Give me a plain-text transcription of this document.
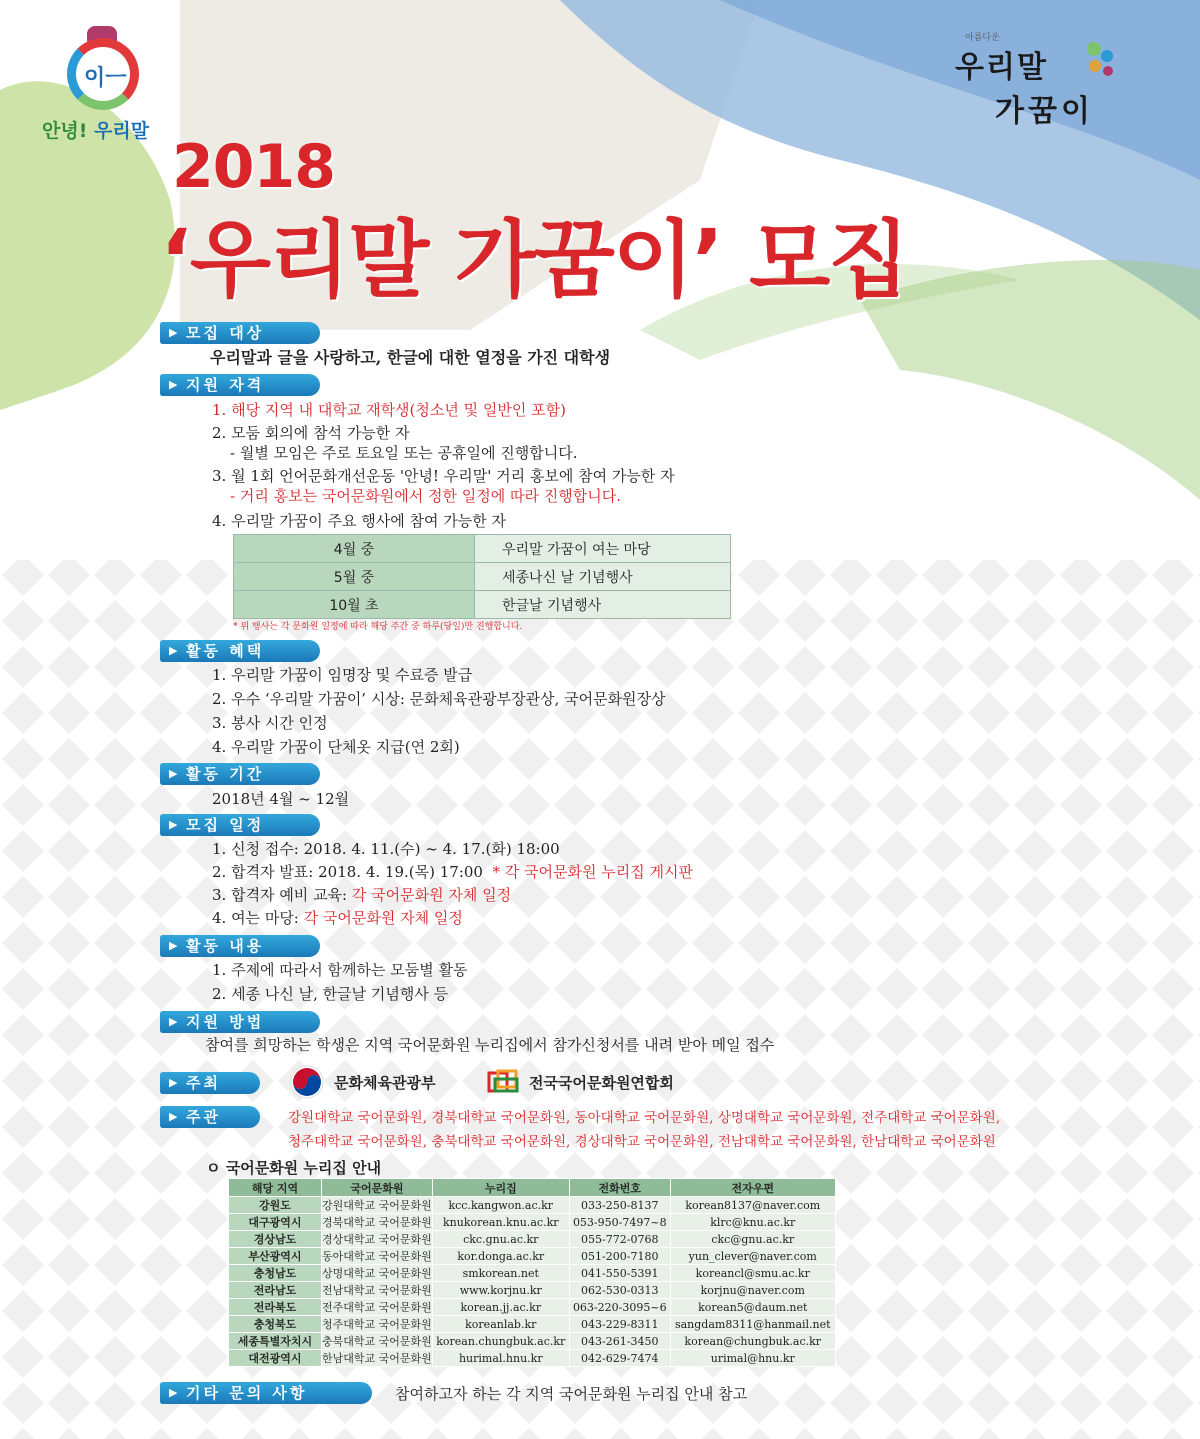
이ㅡ
안녕! 우리말
아름다운
우리말
가꿈이
2018
‘우리말 가꿈이’ 모집
▶ 모집 대상
우리말과 글을 사랑하고, 한글에 대한 열정을 가진 대학생
▶ 지원 자격
1. 해당 지역 내 대학교 재학생(청소년 및 일반인 포함)
2. 모둠 회의에 참석 가능한 자
- 월별 모임은 주로 토요일 또는 공휴일에 진행합니다.
3. 월 1회 언어문화개선운동 '안녕! 우리말' 거리 홍보에 참여 가능한 자
- 거리 홍보는 국어문화원에서 정한 일정에 따라 진행합니다.
4. 우리말 가꿈이 주요 행사에 참여 가능한 자
4월 중	우리말 가꿈이 여는 마당
5월 중	세종나신 날 기념행사
10월 초	한글날 기념행사
* 위 행사는 각 문화원 일정에 따라 해당 주간 중 하루(당일)만 진행합니다.
▶ 활동 혜택
1. 우리말 가꿈이 임명장 및 수료증 발급
2. 우수 ‘우리말 가꿈이’ 시상: 문화체육관광부장관상, 국어문화원장상
3. 봉사 시간 인정
4. 우리말 가꿈이 단체옷 지급(연 2회)
▶ 활동 기간
2018년 4월 ~ 12월
▶ 모집 일정
1. 신청 접수: 2018. 4. 11.(수) ~ 4. 17.(화) 18:00
2. 합격자 발표: 2018. 4. 19.(목) 17:00 * 각 국어문화원 누리집 게시판
3. 합격자 예비 교육: 각 국어문화원 자체 일정
4. 여는 마당: 각 국어문화원 자체 일정
▶ 활동 내용
1. 주제에 따라서 함께하는 모둠별 활동
2. 세종 나신 날, 한글날 기념행사 등
▶ 지원 방법
참여를 희망하는 학생은 지역 국어문화원 누리집에서 참가신청서를 내려 받아 메일 접수
▶ 주최	문화체육관광부	전국국어문화원연합회
▶ 주관	강원대학교 국어문화원, 경북대학교 국어문화원, 동아대학교 국어문화원, 상명대학교 국어문화원, 전주대학교 국어문화원,
청주대학교 국어문화원, 충북대학교 국어문화원, 경상대학교 국어문화원, 전남대학교 국어문화원, 한남대학교 국어문화원
ㅇ 국어문화원 누리집 안내
해당 지역	국어문화원	누리집	전화번호	전자우편
강원도	강원대학교 국어문화원	kcc.kangwon.ac.kr	033-250-8137	korean8137@naver.com
대구광역시	경북대학교 국어문화원	knukorean.knu.ac.kr	053-950-7497~8	klrc@knu.ac.kr
경상남도	경상대학교 국어문화원	ckc.gnu.ac.kr	055-772-0768	ckc@gnu.ac.kr
부산광역시	동아대학교 국어문화원	kor.donga.ac.kr	051-200-7180	yun_clever@naver.com
충청남도	상명대학교 국어문화원	smkorean.net	041-550-5391	koreancl@smu.ac.kr
전라남도	전남대학교 국어문화원	www.korjnu.kr	062-530-0313	korjnu@naver.com
전라북도	전주대학교 국어문화원	korean.jj.ac.kr	063-220-3095~6	korean5@daum.net
충청북도	청주대학교 국어문화원	koreanlab.kr	043-229-8311	sangdam8311@hanmail.net
세종특별자치시	충북대학교 국어문화원	korean.chungbuk.ac.kr	043-261-3450	korean@chungbuk.ac.kr
대전광역시	한남대학교 국어문화원	hurimal.hnu.kr	042-629-7474	urimal@hnu.kr
▶ 기타 문의 사항	참여하고자 하는 각 지역 국어문화원 누리집 안내 참고
